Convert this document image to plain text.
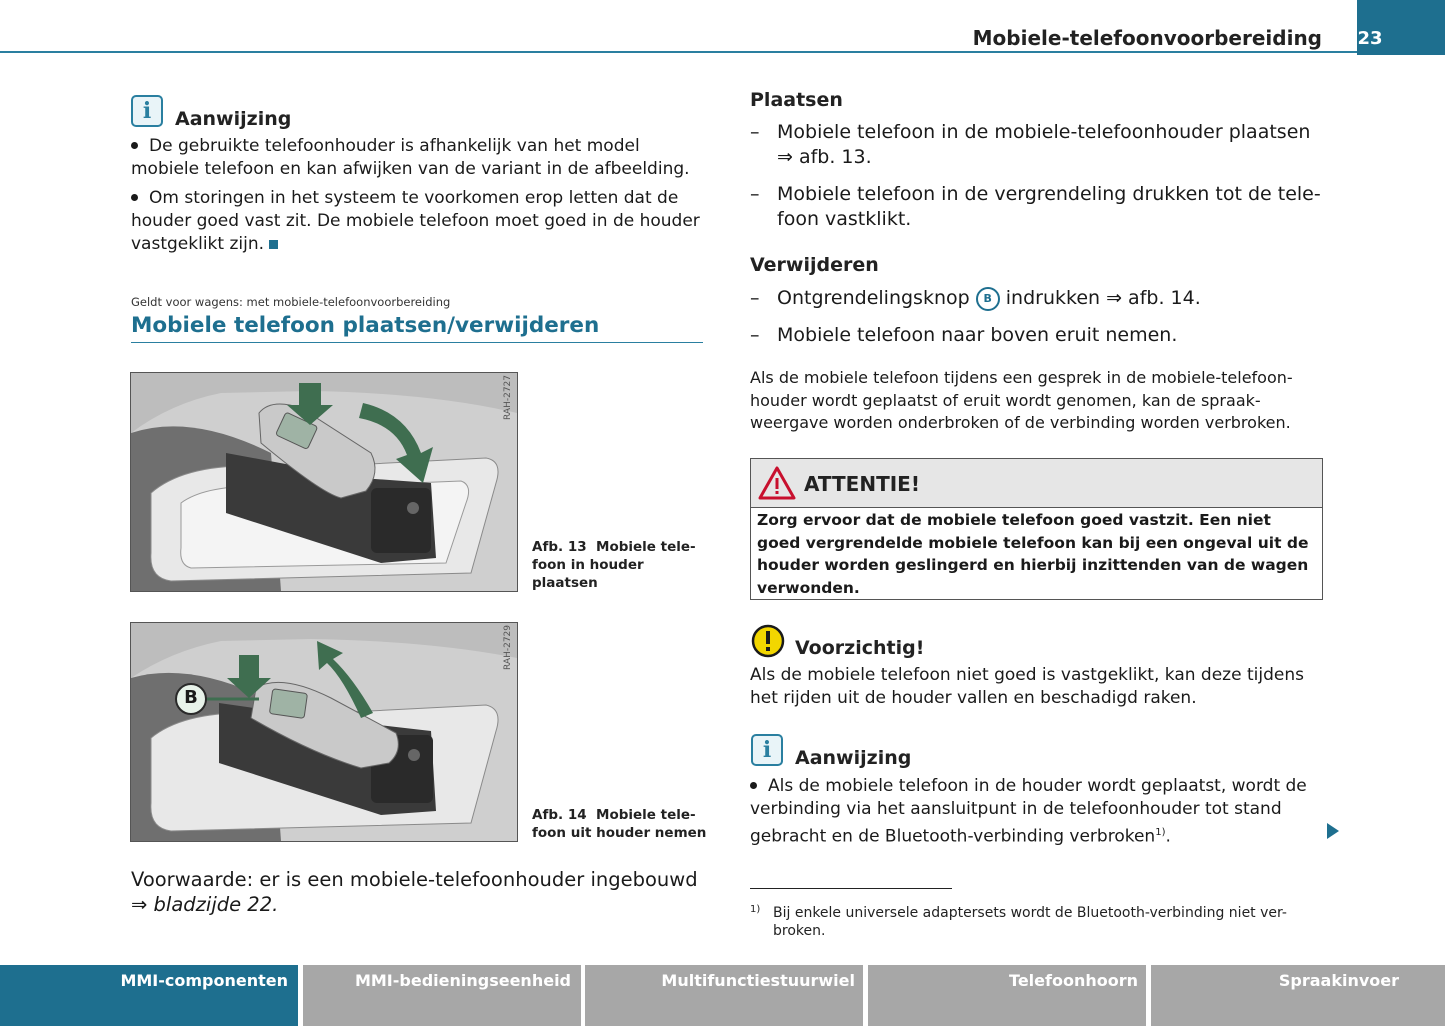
Mobiele-telefoonvoorbereiding 23
i	Aanwijzing
De gebruikte telefoonhouder is afhankelijk van het model mobiele telefoon en kan afwijken van de variant in de afbeelding.
Om storingen in het systeem te voorkomen erop letten dat de houder goed vast zit. De mobiele telefoon moet goed in de houder vastgeklikt zijn.
Geldt voor wagens: met mobiele-telefoonvoorbereiding
Mobiele telefoon plaatsen/verwijderen
RAH-2727
Afb. 13 Mobiele tele-
foon in houder
plaatsen
B
RAH-2729
Afb. 14 Mobiele tele-
foon uit houder nemen
Voorwaarde: er is een mobiele-telefoonhouder ingebouwd
⇒ bladzijde 22.
Plaatsen
– Mobiele telefoon in de mobiele-telefoonhouder plaatsen
⇒ afb. 13.
– Mobiele telefoon in de vergrendeling drukken tot de tele-
foon vastklikt.
Verwijderen
– Ontgrendelingsknop B indrukken ⇒ afb. 14.
– Mobiele telefoon naar boven eruit nemen.
Als de mobiele telefoon tijdens een gesprek in de mobiele-telefoon-
houder wordt geplaatst of eruit wordt genomen, kan de spraak-
weergave worden onderbroken of de verbinding worden verbroken.
ATTENTIE!
Zorg ervoor dat de mobiele telefoon goed vastzit. Een niet goed vergrendelde mobiele telefoon kan bij een ongeval uit de houder worden geslingerd en hierbij inzittenden van de wagen verwonden.
Voorzichtig!
Als de mobiele telefoon niet goed is vastgeklikt, kan deze tijdens het rijden uit de houder vallen en beschadigd raken.
i	Aanwijzing
Als de mobiele telefoon in de houder wordt geplaatst, wordt de verbinding via het aansluitpunt in de telefoonhouder tot stand gebracht en de Bluetooth-verbinding verbroken$^{1)}$.
1) Bij enkele universele adaptersets wordt de Bluetooth-verbinding niet ver-broken.
MMI-componenten	MMI-bedieningseenheid	Multifunctiestuurwiel	Telefoonhoorn	Spraakinvoer
